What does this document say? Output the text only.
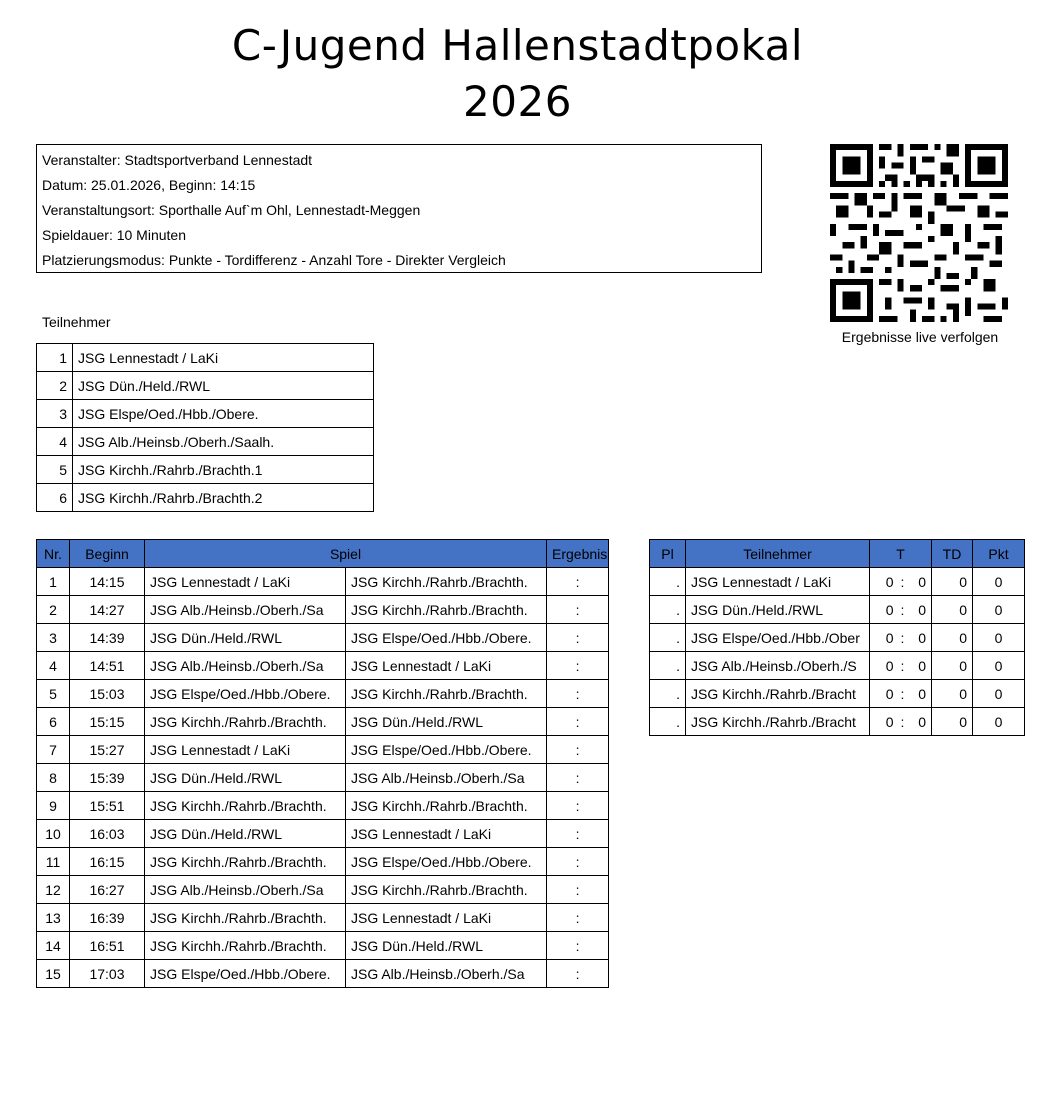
C-Jugend Hallenstadtpokal
2026
Veranstalter: Stadtsportverband Lennestadt
Datum: 25.01.2026, Beginn: 14:15
Veranstaltungsort: Sporthalle Auf`m Ohl, Lennestadt-Meggen
Spieldauer: 10 Minuten
Platzierungsmodus: Punkte - Tordifferenz - Anzahl Tore - Direkter Vergleich
Ergebnisse live verfolgen
Teilnehmer
1	JSG Lennestadt / LaKi
2	JSG Dün./Held./RWL
3	JSG Elspe/Oed./Hbb./Obere.
4	JSG Alb./Heinsb./Oberh./Saalh.
5	JSG Kirchh./Rahrb./Brachth.1
6	JSG Kirchh./Rahrb./Brachth.2
Nr.	Beginn	Spiel		Ergebnis
1	14:15	JSG Lennestadt / LaKi	JSG Kirchh./Rahrb./Brachth.	:
2	14:27	JSG Alb./Heinsb./Oberh./Sa	JSG Kirchh./Rahrb./Brachth.	:
3	14:39	JSG Dün./Held./RWL	JSG Elspe/Oed./Hbb./Obere.	:
4	14:51	JSG Alb./Heinsb./Oberh./Sa	JSG Lennestadt / LaKi	:
5	15:03	JSG Elspe/Oed./Hbb./Obere.	JSG Kirchh./Rahrb./Brachth.	:
6	15:15	JSG Kirchh./Rahrb./Brachth.	JSG Dün./Held./RWL	:
7	15:27	JSG Lennestadt / LaKi	JSG Elspe/Oed./Hbb./Obere.	:
8	15:39	JSG Dün./Held./RWL	JSG Alb./Heinsb./Oberh./Sa	:
9	15:51	JSG Kirchh./Rahrb./Brachth.	JSG Kirchh./Rahrb./Brachth.	:
10	16:03	JSG Dün./Held./RWL	JSG Lennestadt / LaKi	:
11	16:15	JSG Kirchh./Rahrb./Brachth.	JSG Elspe/Oed./Hbb./Obere.	:
12	16:27	JSG Alb./Heinsb./Oberh./Sa	JSG Kirchh./Rahrb./Brachth.	:
13	16:39	JSG Kirchh./Rahrb./Brachth.	JSG Lennestadt / LaKi	:
14	16:51	JSG Kirchh./Rahrb./Brachth.	JSG Dün./Held./RWL	:
15	17:03	JSG Elspe/Oed./Hbb./Obere.	JSG Alb./Heinsb./Oberh./Sa	:
Pl	Teilnehmer	T			TD	Pkt
.	JSG Lennestadt / LaKi	0	:	0	0	0
.	JSG Dün./Held./RWL	0	:	0	0	0
.	JSG Elspe/Oed./Hbb./Ober	0	:	0	0	0
.	JSG Alb./Heinsb./Oberh./S	0	:	0	0	0
.	JSG Kirchh./Rahrb./Bracht	0	:	0	0	0
.	JSG Kirchh./Rahrb./Bracht	0	:	0	0	0
